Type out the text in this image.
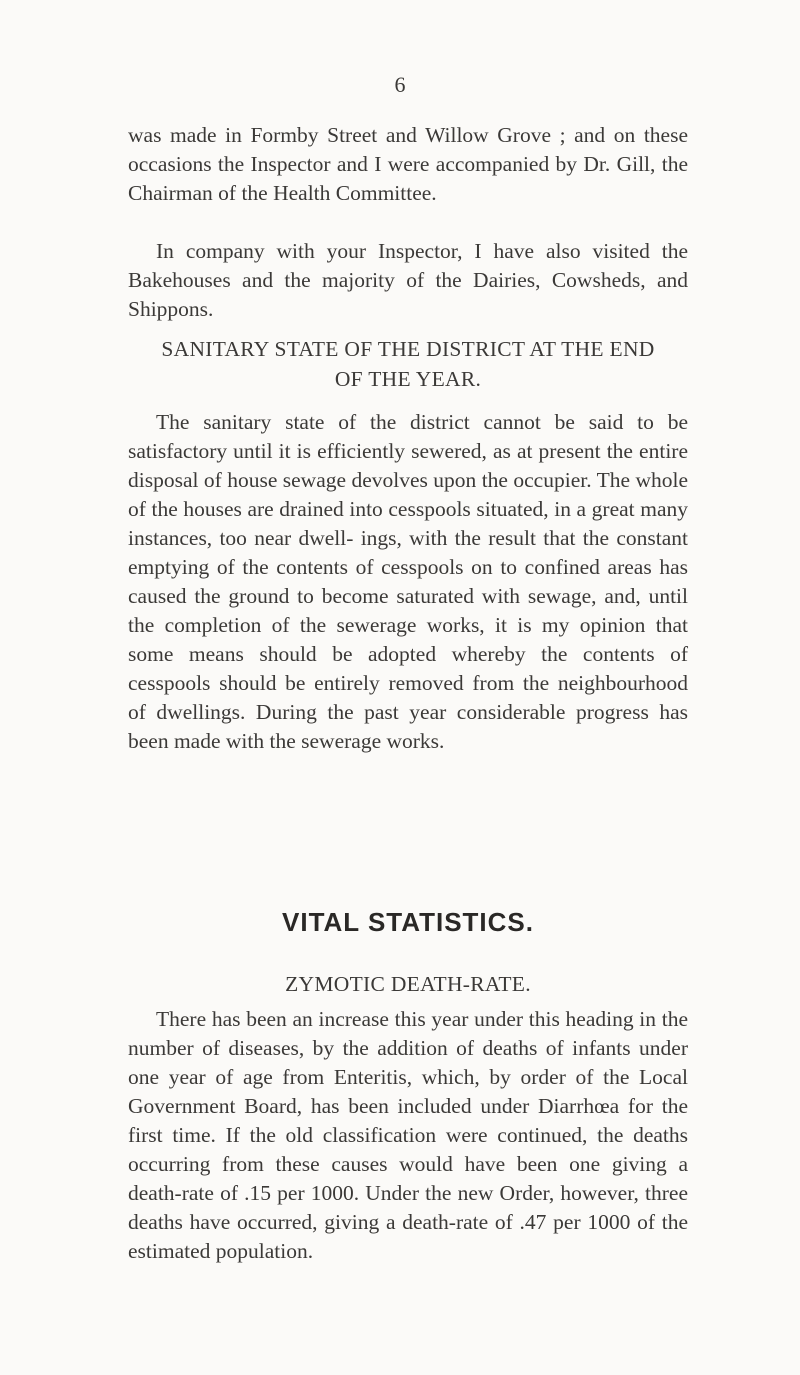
6

was made in Formby Street and Willow Grove ; and on these occasions the Inspector and I were accompanied by Dr. Gill, the Chairman of the Health Committee.

In company with your Inspector, I have also visited the Bakehouses and the majority of the Dairies, Cowsheds, and Shippons.

SANITARY STATE OF THE DISTRICT AT THE END
OF THE YEAR.

The sanitary state of the district cannot be said to be satisfactory until it is efficiently sewered, as at present the entire disposal of house sewage devolves upon the occupier. The whole of the houses are drained into cesspools situated, in a great many instances, too near dwell- ings, with the result that the constant emptying of the contents of cesspools on to confined areas has caused the ground to become saturated with sewage, and, until the completion of the sewerage works, it is my opinion that some means should be adopted whereby the contents of cesspools should be entirely removed from the neighbourhood of dwellings. During the past year considerable progress has been made with the sewerage works.

VITAL STATISTICS.
ZYMOTIC DEATH-RATE.

There has been an increase this year under this heading in the number of diseases, by the addition of deaths of infants under one year of age from Enteritis, which, by order of the Local Government Board, has been included under Diarrhœa for the first time. If the old classification were continued, the deaths occurring from these causes would have been one giving a death-rate of .15 per 1000. Under the new Order, however, three deaths have occurred, giving a death-rate of .47 per 1000 of the estimated population.
